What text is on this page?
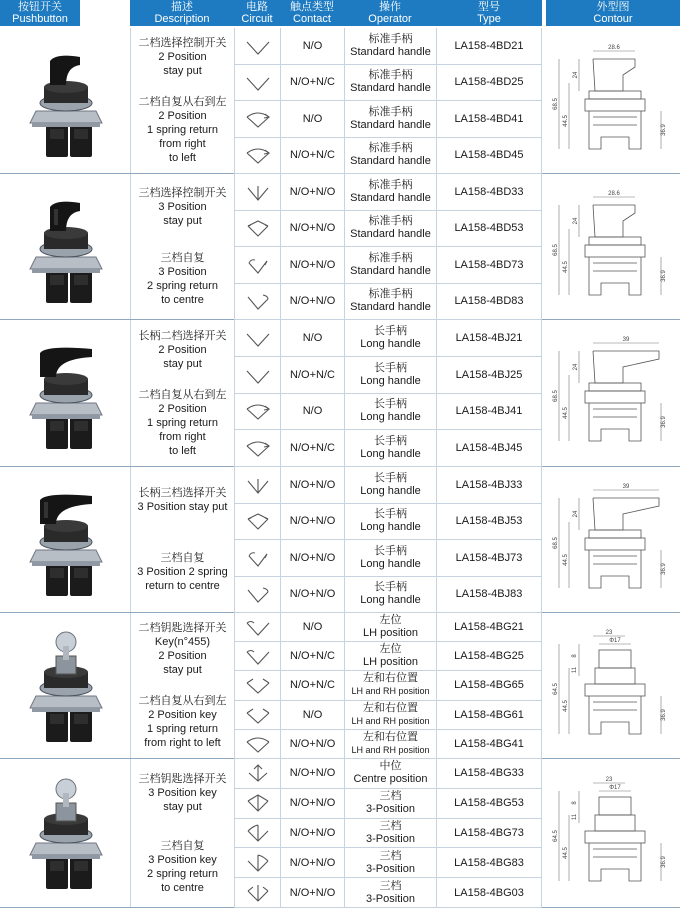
按钮开关
Pushbutton
描述
Description
电路
Circuit
触点类型
Contact
操作
Operator
型号
Type
外型图
Contour
二档选择控制开关
2 Position
stay put
二档自复从右到左
2 Position
1 spring return
from right
to left
N/O
标准手柄
Standard handle LA158-4BD21
N/O+N/C
标准手柄
Standard handle LA158-4BD25
N/O
标准手柄
Standard handle LA158-4BD41
N/O+N/C
标准手柄
Standard handle LA158-4BD45
28.6
24
68.5
44.5
36.9
三档选择控制开关
3 Position
stay put
三档自复
3 Position
2 spring return
to centre
N/O+N/O
标准手柄
Standard handle LA158-4BD33
N/O+N/O
标准手柄
Standard handle LA158-4BD53
N/O+N/O
标准手柄
Standard handle LA158-4BD73
N/O+N/O
标准手柄
Standard handle LA158-4BD83
28.6
24
68.5
44.5
36.9
长柄二档选择开关
2 Position
stay put
二档自复从右到左
2 Position
1 spring return
from right
to left
N/O
长手柄
Long handle	LA158-4BJ21
N/O+N/C
长手柄
Long handle	LA158-4BJ25
N/O
长手柄
Long handle	LA158-4BJ41
N/O+N/C
长手柄
Long handle	LA158-4BJ45
39
24
68.5
44.5
36.9
长柄三档选择开关
3 Position stay put
三档自复
3 Position 2 spring
return to centre
N/O+N/O
长手柄
Long handle	LA158-4BJ33
N/O+N/O
长手柄
Long handle	LA158-4BJ53
N/O+N/O
长手柄
Long handle	LA158-4BJ73
N/O+N/O
长手柄
Long handle	LA158-4BJ83
39
24
68.5
44.5
36.9
二档钥匙选择开关
Key(n°455)
2 Position
stay put
二档自复从右到左
2 Position key
1 spring return
from right to left
N/O
左位
LH position	LA158-4BG21
N/O+N/C
左位
LH position	LA158-4BG25
N/O+N/C
左和右位置
LH and RH position LA158-4BG65
N/O
左和右位置
LH and RH position LA158-4BG61
N/O+N/O
左和右位置
LH and RH position LA158-4BG41
23
Φ17
8
11
64.5
44.5
36.9
三档钥匙选择开关
3 Position key
stay put
三档自复
3 Position key
2 spring return
to centre
N/O+N/O
中位
Centre position LA158-4BG33
N/O+N/O
三档
3-Position	LA158-4BG53
N/O+N/O
三档
3-Position	LA158-4BG73
N/O+N/O
三档
3-Position	LA158-4BG83
N/O+N/O
三档
3-Position	LA158-4BG03
23
Φ17
8
11
64.5
44.5
36.9
